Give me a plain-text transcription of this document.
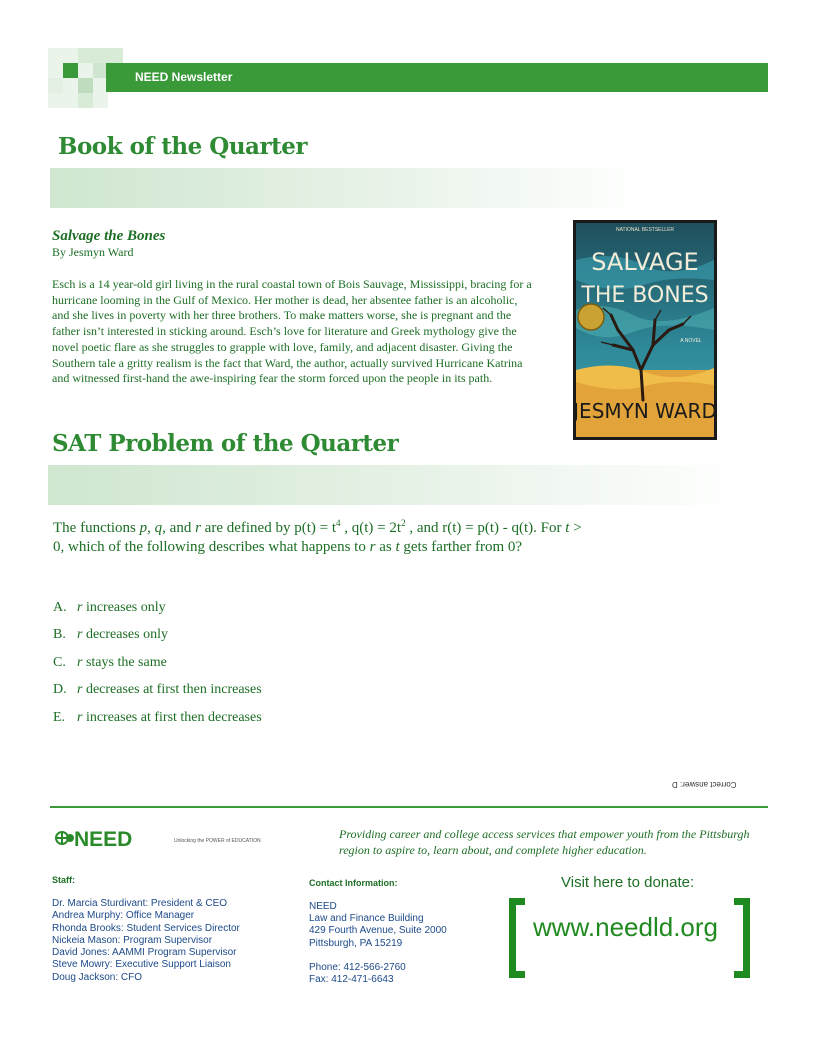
NEED Newsletter
Book of the Quarter
Salvage the Bones
By Jesmyn Ward
Esch is a 14 year-old girl living in the rural coastal town of Bois Sauvage, Mississippi, bracing for a hurricane looming in the Gulf of Mexico. Her mother is dead, her absentee father is an alcoholic, and she lives in poverty with her three brothers. To make matters worse, she is pregnant and the father isn’t interested in sticking around. Esch’s love for literature and Greek mythology give the novel poetic flare as she struggles to grapple with love, family, and adjacent disaster. Giving the Southern tale a gritty realism is the fact that Ward, the author, actually survived Hurricane Katrina and witnessed first-hand the awe-inspiring fear the storm forced upon the people in its path.
NATIONAL BESTSELLER
SALVAGE
THE BONES
A NOVEL
JESMYN WARD
SAT Problem of the Quarter
The functions p, q, and r are defined by $p(t) = t^4$ , $q(t) = 2t^2$ , and r(t) = p(t) - q(t). For t > 0, which of the following describes what happens to r as t gets farther from 0?
A. r increases only
B. r decreases only
C. r stays the same
D. r decreases at first then increases
E. r increases at first then decreases
Correct answer: D
NEED	Unlocking the POWER of EDUCATION	Providing career and college access services that empower youth from the Pittsburgh region to aspire to, learn about, and complete higher education.
Staff:
Dr. Marcia Sturdivant: President & CEO
Andrea Murphy: Office Manager
Rhonda Brooks: Student Services Director
Nickeia Mason: Program Supervisor
David Jones: AAMMI Program Supervisor
Steve Mowry: Executive Support Liaison
Doug Jackson: CFO
Contact Information:
NEED
Law and Finance Building
429 Fourth Avenue, Suite 2000
Pittsburgh, PA 15219
Phone: 412-566-2760
Fax: 412-471-6643
Visit here to donate:
www.needld.org
